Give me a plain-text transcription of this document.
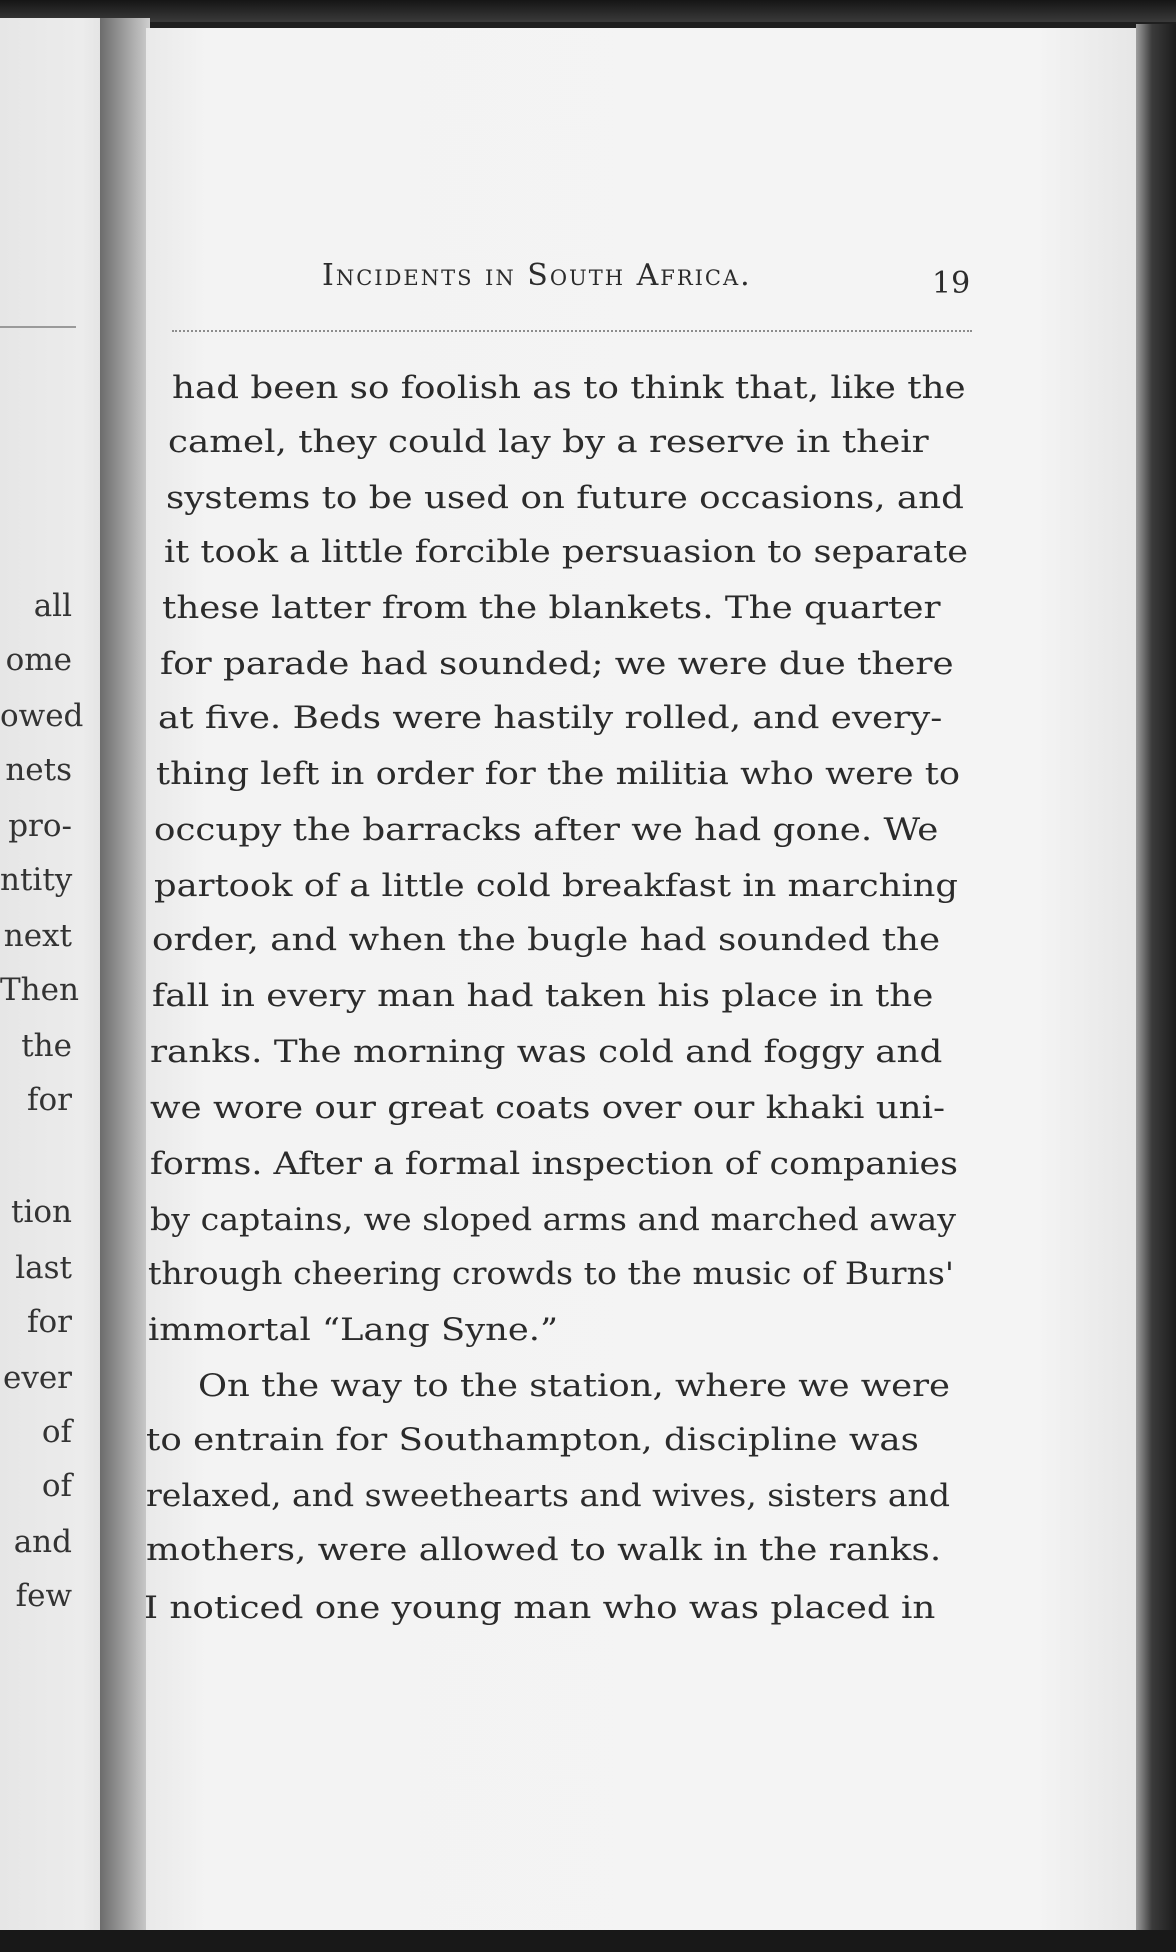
all
ome
owed
nets
pro-
ntity
next
Then
the
for
tion
last
for
ever
of
of
and
few
Incidents in South Africa.	19
had been so foolish as to think that, like the
camel, they could lay by a reserve in their
systems to be used on future occasions, and
it took a little forcible persuasion to separate
these latter from the blankets. The quarter
for parade had sounded; we were due there
at five. Beds were hastily rolled, and every-
thing left in order for the militia who were to
occupy the barracks after we had gone. We
partook of a little cold breakfast in marching
order, and when the bugle had sounded the
fall in every man had taken his place in the
ranks. The morning was cold and foggy and
we wore our great coats over our khaki uni-
forms. After a formal inspection of companies
by captains, we sloped arms and marched away
through cheering crowds to the music of Burns'
immortal “Lang Syne.”
On the way to the station, where we were
to entrain for Southampton, discipline was
relaxed, and sweethearts and wives, sisters and
mothers, were allowed to walk in the ranks.
I noticed one young man who was placed in
